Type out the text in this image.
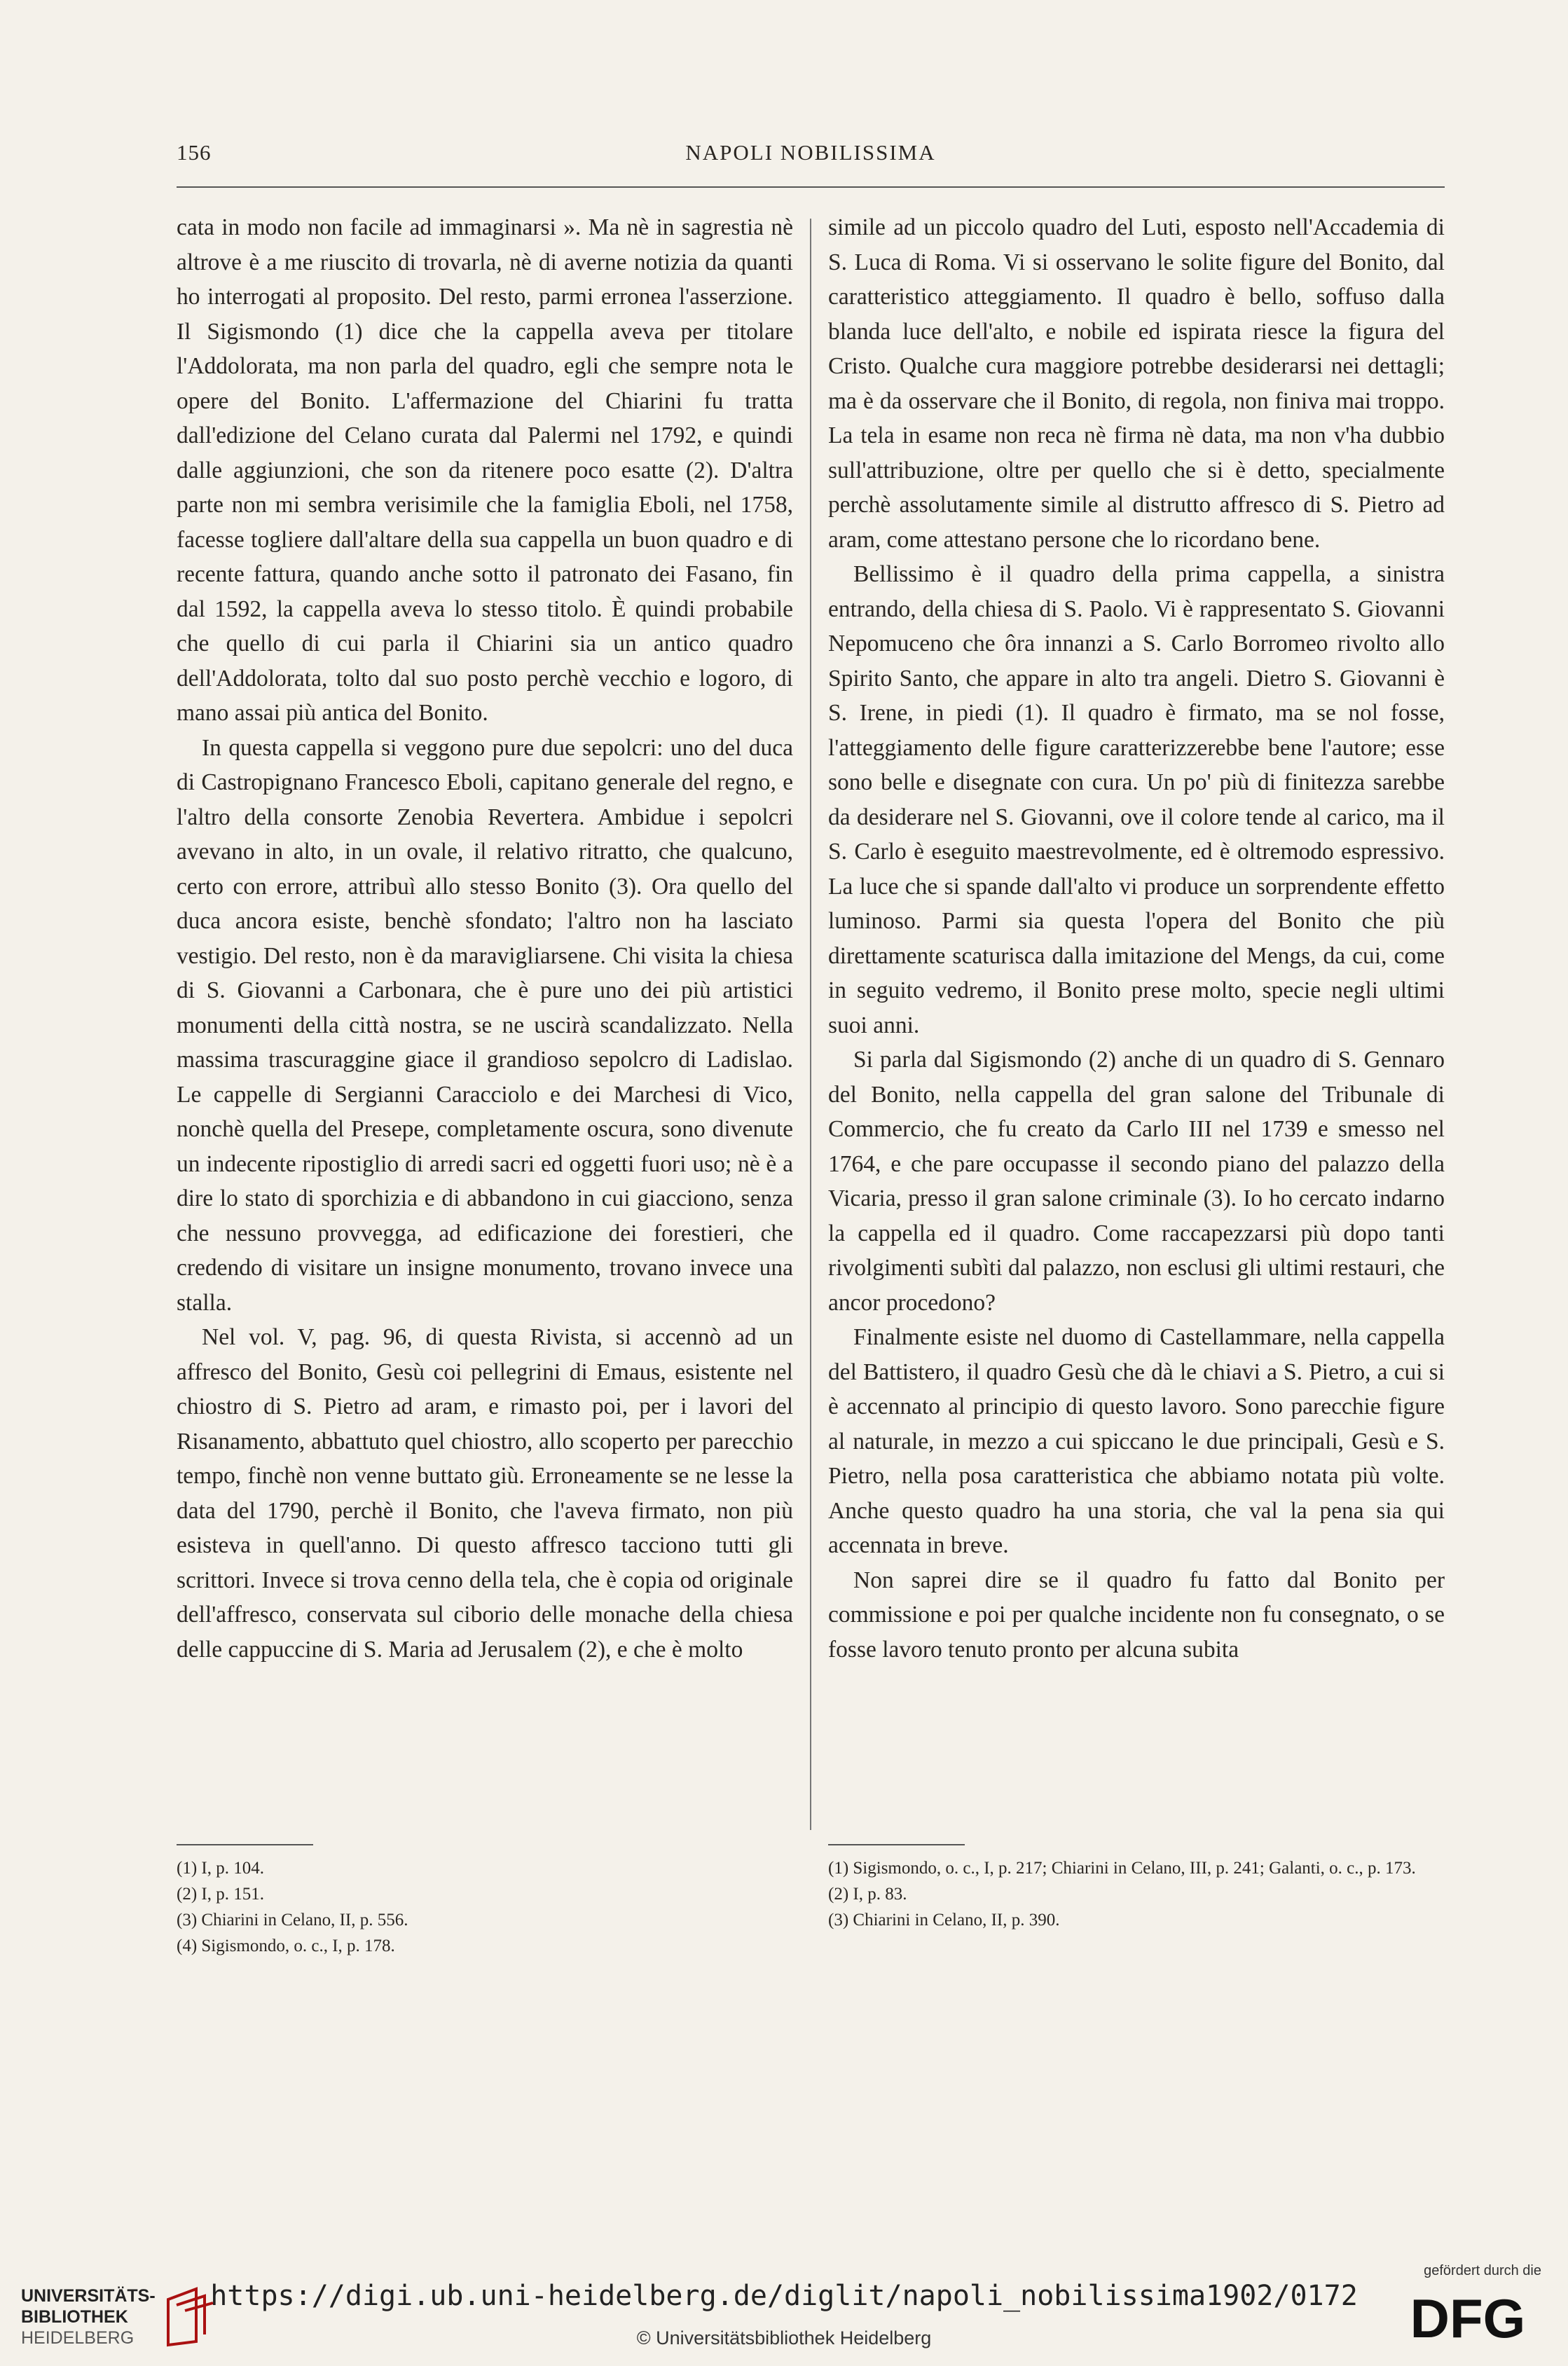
156	NAPOLI NOBILISSIMA

cata in modo non facile ad immaginarsi ». Ma nè in sagrestia nè altrove è a me riuscito di trovarla, nè di averne notizia da quanti ho interrogati al proposito. Del resto, parmi erronea l'asserzione. Il Sigismondo (1) dice che la cappella aveva per titolare l'Addolorata, ma non parla del quadro, egli che sempre nota le opere del Bonito. L'affermazione del Chiarini fu tratta dall'edizione del Celano curata dal Palermi nel 1792, e quindi dalle aggiunzioni, che son da ritenere poco esatte (2). D'altra parte non mi sembra verisimile che la famiglia Eboli, nel 1758, facesse togliere dall'altare della sua cappella un buon quadro e di recente fattura, quando anche sotto il patronato dei Fasano, fin dal 1592, la cappella aveva lo stesso titolo. È quindi probabile che quello di cui parla il Chiarini sia un antico quadro dell'Addolorata, tolto dal suo posto perchè vecchio e logoro, di mano assai più antica del Bonito.

In questa cappella si veggono pure due sepolcri: uno del duca di Castropignano Francesco Eboli, capitano generale del regno, e l'altro della consorte Zenobia Revertera. Ambidue i sepolcri avevano in alto, in un ovale, il relativo ritratto, che qualcuno, certo con errore, attribuì allo stesso Bonito (3). Ora quello del duca ancora esiste, benchè sfondato; l'altro non ha lasciato vestigio. Del resto, non è da maravigliarsene. Chi visita la chiesa di S. Giovanni a Carbonara, che è pure uno dei più artistici monumenti della città nostra, se ne uscirà scandalizzato. Nella massima trascuraggine giace il grandioso sepolcro di Ladislao. Le cappelle di Sergianni Caracciolo e dei Marchesi di Vico, nonchè quella del Presepe, completamente oscura, sono divenute un indecente ripostiglio di arredi sacri ed oggetti fuori uso; nè è a dire lo stato di sporchizia e di abbandono in cui giacciono, senza che nessuno provvegga, ad edificazione dei forestieri, che credendo di visitare un insigne monumento, trovano invece una stalla.

Nel vol. V, pag. 96, di questa Rivista, si accennò ad un affresco del Bonito, Gesù coi pellegrini di Emaus, esistente nel chiostro di S. Pietro ad aram, e rimasto poi, per i lavori del Risanamento, abbattuto quel chiostro, allo scoperto per parecchio tempo, finchè non venne buttato giù. Erroneamente se ne lesse la data del 1790, perchè il Bonito, che l'aveva firmato, non più esisteva in quell'anno. Di questo affresco tacciono tutti gli scrittori. Invece si trova cenno della tela, che è copia od originale dell'affresco, conservata sul ciborio delle monache della chiesa delle cappuccine di S. Maria ad Jerusalem (2), e che è molto

simile ad un piccolo quadro del Luti, esposto nell'Accademia di S. Luca di Roma. Vi si osservano le solite figure del Bonito, dal caratteristico atteggiamento. Il quadro è bello, soffuso dalla blanda luce dell'alto, e nobile ed ispirata riesce la figura del Cristo. Qualche cura maggiore potrebbe desiderarsi nei dettagli; ma è da osservare che il Bonito, di regola, non finiva mai troppo. La tela in esame non reca nè firma nè data, ma non v'ha dubbio sull'attribuzione, oltre per quello che si è detto, specialmente perchè assolutamente simile al distrutto affresco di S. Pietro ad aram, come attestano persone che lo ricordano bene.

Bellissimo è il quadro della prima cappella, a sinistra entrando, della chiesa di S. Paolo. Vi è rappresentato S. Giovanni Nepomuceno che ôra innanzi a S. Carlo Borromeo rivolto allo Spirito Santo, che appare in alto tra angeli. Dietro S. Giovanni è S. Irene, in piedi (1). Il quadro è firmato, ma se nol fosse, l'atteggiamento delle figure caratterizzerebbe bene l'autore; esse sono belle e disegnate con cura. Un po' più di finitezza sarebbe da desiderare nel S. Giovanni, ove il colore tende al carico, ma il S. Carlo è eseguito maestrevolmente, ed è oltremodo espressivo. La luce che si spande dall'alto vi produce un sorprendente effetto luminoso. Parmi sia questa l'opera del Bonito che più direttamente scaturisca dalla imitazione del Mengs, da cui, come in seguito vedremo, il Bonito prese molto, specie negli ultimi suoi anni.

Si parla dal Sigismondo (2) anche di un quadro di S. Gennaro del Bonito, nella cappella del gran salone del Tribunale di Commercio, che fu creato da Carlo III nel 1739 e smesso nel 1764, e che pare occupasse il secondo piano del palazzo della Vicaria, presso il gran salone criminale (3). Io ho cercato indarno la cappella ed il quadro. Come raccapezzarsi più dopo tanti rivolgimenti subìti dal palazzo, non esclusi gli ultimi restauri, che ancor procedono?

Finalmente esiste nel duomo di Castellammare, nella cappella del Battistero, il quadro Gesù che dà le chiavi a S. Pietro, a cui si è accennato al principio di questo lavoro. Sono parecchie figure al naturale, in mezzo a cui spiccano le due principali, Gesù e S. Pietro, nella posa caratteristica che abbiamo notata più volte. Anche questo quadro ha una storia, che val la pena sia qui accennata in breve.

Non saprei dire se il quadro fu fatto dal Bonito per commissione e poi per qualche incidente non fu consegnato, o se fosse lavoro tenuto pronto per alcuna subita

(1) I, p. 104.
(2) I, p. 151.
(3) Chiarini in Celano, II, p. 556.
(4) Sigismondo, o. c., I, p. 178.
(1) Sigismondo, o. c., I, p. 217; Chiarini in Celano, III, p. 241; Galanti, o. c., p. 173.
(2) I, p. 83.
(3) Chiarini in Celano, II, p. 390.
UNIVERSITÄTS-
BIBLIOTHEK
HEIDELBERG
https://digi.ub.uni-heidelberg.de/diglit/napoli_nobilissima1902/0172
© Universitätsbibliothek Heidelberg
gefördert durch die
DFG
